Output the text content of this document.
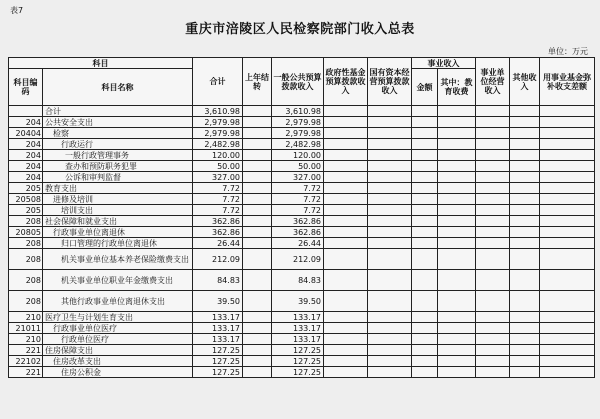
表7
重庆市涪陵区人民检察院部门收入总表
单位：万元
科目		合计	上年结转	一般公共预算拨款收入	政府性基金预算拨款收入	国有资本经营预算拨款收入	事业收入		事业单位经营收入	其他收入	用事业基金弥补收支差额
科目编码	科目名称						金额	其中：教育收费			
	合计	3,610.98		3,610.98							
204	公共安全支出	2,979.98		2,979.98							
20404	检察	2,979.98		2,979.98							
204	行政运行	2,482.98		2,482.98							
204	一般行政管理事务	120.00		120.00							
204	查办和预防职务犯罪	50.00		50.00							
204	公诉和审判监督	327.00		327.00							
205	教育支出	7.72		7.72							
20508	进修及培训	7.72		7.72							
205	培训支出	7.72		7.72							
208	社会保障和就业支出	362.86		362.86							
20805	行政事业单位离退休	362.86		362.86							
208	归口管理的行政单位离退休	26.44		26.44							
208	机关事业单位基本养老保险缴费支出	212.09		212.09							
208	机关事业单位职业年金缴费支出	84.83		84.83							
208	其他行政事业单位离退休支出	39.50		39.50							
210	医疗卫生与计划生育支出	133.17		133.17							
21011	行政事业单位医疗	133.17		133.17							
210	行政单位医疗	133.17		133.17							
221	住房保障支出	127.25		127.25							
22102	住房改革支出	127.25		127.25							
221	住房公积金	127.25		127.25							
